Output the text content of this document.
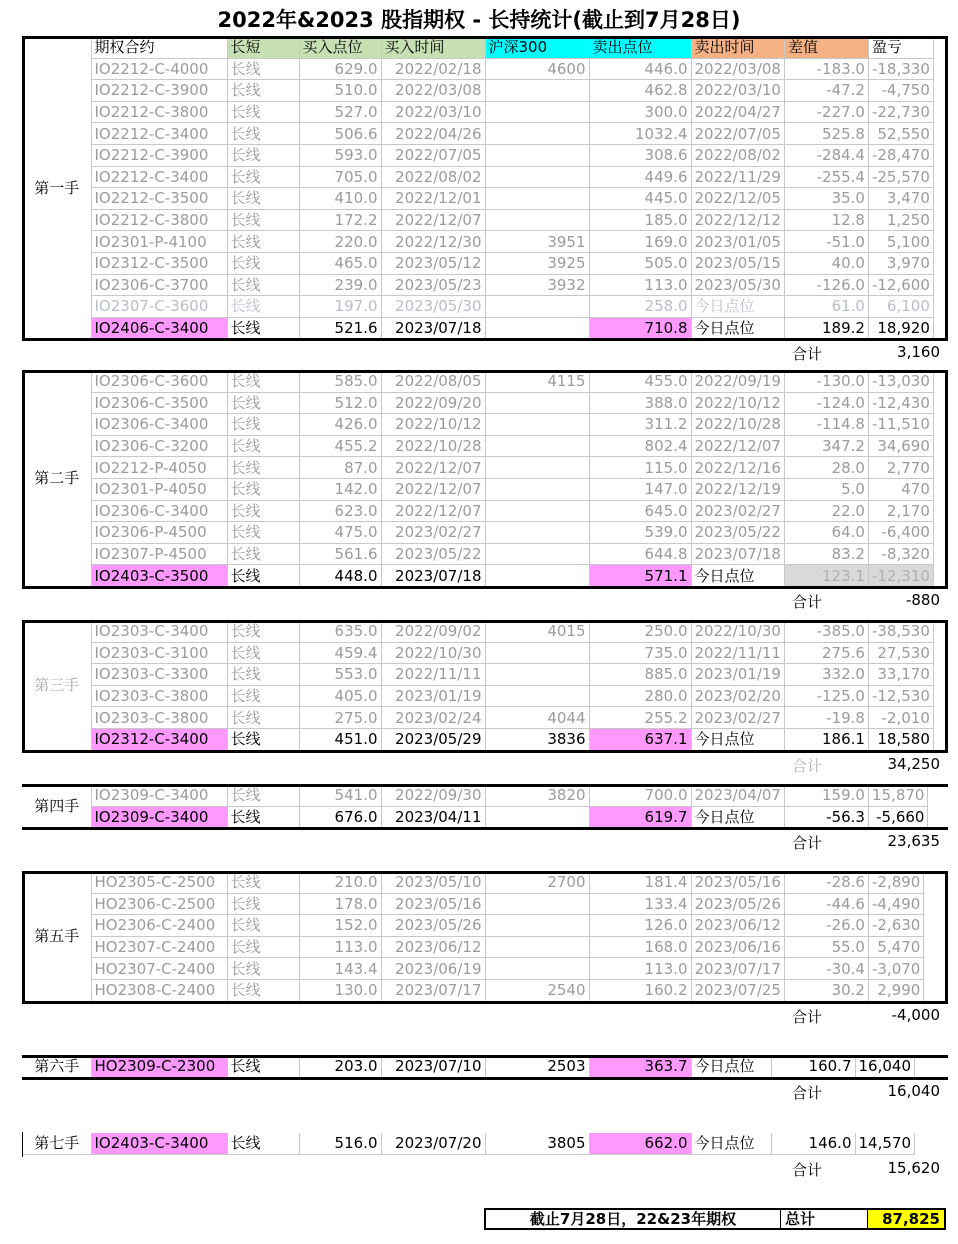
2022年&2023 股指期权 - 长持统计(截止到7月28日)
第一手	期权合约	长短	买入点位	买入时间	沪深300	卖出点位	卖出时间	差值	盈亏
	IO2212-C-4000	长线	629.0	2022/02/18	4600	446.0	2022/03/08	-183.0	-18,330
	IO2212-C-3900	长线	510.0	2022/03/08		462.8	2022/03/10	-47.2	-4,750
	IO2212-C-3800	长线	527.0	2022/03/10		300.0	2022/04/27	-227.0	-22,730
	IO2212-C-3400	长线	506.6	2022/04/26		1032.4	2022/07/05	525.8	52,550
	IO2212-C-3900	长线	593.0	2022/07/05		308.6	2022/08/02	-284.4	-28,470
	IO2212-C-3400	长线	705.0	2022/08/02		449.6	2022/11/29	-255.4	-25,570
	IO2212-C-3500	长线	410.0	2022/12/01		445.0	2022/12/05	35.0	3,470
	IO2212-C-3800	长线	172.2	2022/12/07		185.0	2022/12/12	12.8	1,250
	IO2301-P-4100	长线	220.0	2022/12/30	3951	169.0	2023/01/05	-51.0	5,100
	IO2312-C-3500	长线	465.0	2023/05/12	3925	505.0	2023/05/15	40.0	3,970
	IO2306-C-3700	长线	239.0	2023/05/23	3932	113.0	2023/05/30	-126.0	-12,600
	IO2307-C-3600	长线	197.0	2023/05/30		258.0	今日点位	61.0	6,100
	IO2406-C-3400	长线	521.6	2023/07/18		710.8	今日点位	189.2	18,920
合计	3,160
第二手	IO2306-C-3600	长线	585.0	2022/08/05	4115	455.0	2022/09/19	-130.0	-13,030
	IO2306-C-3500	长线	512.0	2022/09/20		388.0	2022/10/12	-124.0	-12,430
	IO2306-C-3400	长线	426.0	2022/10/12		311.2	2022/10/28	-114.8	-11,510
	IO2306-C-3200	长线	455.2	2022/10/28		802.4	2022/12/07	347.2	34,690
	IO2212-P-4050	长线	87.0	2022/12/07		115.0	2022/12/16	28.0	2,770
	IO2301-P-4050	长线	142.0	2022/12/07		147.0	2022/12/19	5.0	470
	IO2306-C-3400	长线	623.0	2022/12/07		645.0	2023/02/27	22.0	2,170
	IO2306-P-4500	长线	475.0	2023/02/27		539.0	2023/05/22	64.0	-6,400
	IO2307-P-4500	长线	561.6	2023/05/22		644.8	2023/07/18	83.2	-8,320
	IO2403-C-3500	长线	448.0	2023/07/18		571.1	今日点位	123.1	-12,310
合计	-880
第三手	IO2303-C-3400	长线	635.0	2022/09/02	4015	250.0	2022/10/30	-385.0	-38,530
	IO2303-C-3100	长线	459.4	2022/10/30		735.0	2022/11/11	275.6	27,530
	IO2303-C-3300	长线	553.0	2022/11/11		885.0	2023/01/19	332.0	33,170
	IO2303-C-3800	长线	405.0	2023/01/19		280.0	2023/02/20	-125.0	-12,530
	IO2303-C-3800	长线	275.0	2023/02/24	4044	255.2	2023/02/27	-19.8	-2,010
	IO2312-C-3400	长线	451.0	2023/05/29	3836	637.1	今日点位	186.1	18,580
合计	34,250
第四手	IO2309-C-3400	长线	541.0	2022/09/30	3820	700.0	2023/04/07	159.0	15,870
	IO2309-C-3400	长线	676.0	2023/04/11		619.7	今日点位	-56.3	-5,660
合计	23,635
第五手	HO2305-C-2500	长线	210.0	2023/05/10	2700	181.4	2023/05/16	-28.6	-2,890
	HO2306-C-2500	长线	178.0	2023/05/16		133.4	2023/05/26	-44.6	-4,490
	HO2306-C-2400	长线	152.0	2023/05/26		126.0	2023/06/12	-26.0	-2,630
	HO2307-C-2400	长线	113.0	2023/06/12		168.0	2023/06/16	55.0	5,470
	HO2307-C-2400	长线	143.4	2023/06/19		113.0	2023/07/17	-30.4	-3,070
	HO2308-C-2400	长线	130.0	2023/07/17	2540	160.2	2023/07/25	30.2	2,990
合计	-4,000
第六手	HO2309-C-2300	长线	203.0	2023/07/10	2503	363.7	今日点位	160.7	16,040
合计	16,040
第七手	IO2403-C-3400	长线	516.0	2023/07/20	3805	662.0	今日点位	146.0	14,570
合计	15,620
截止7月28日，22&23年期权	总计	87,825
